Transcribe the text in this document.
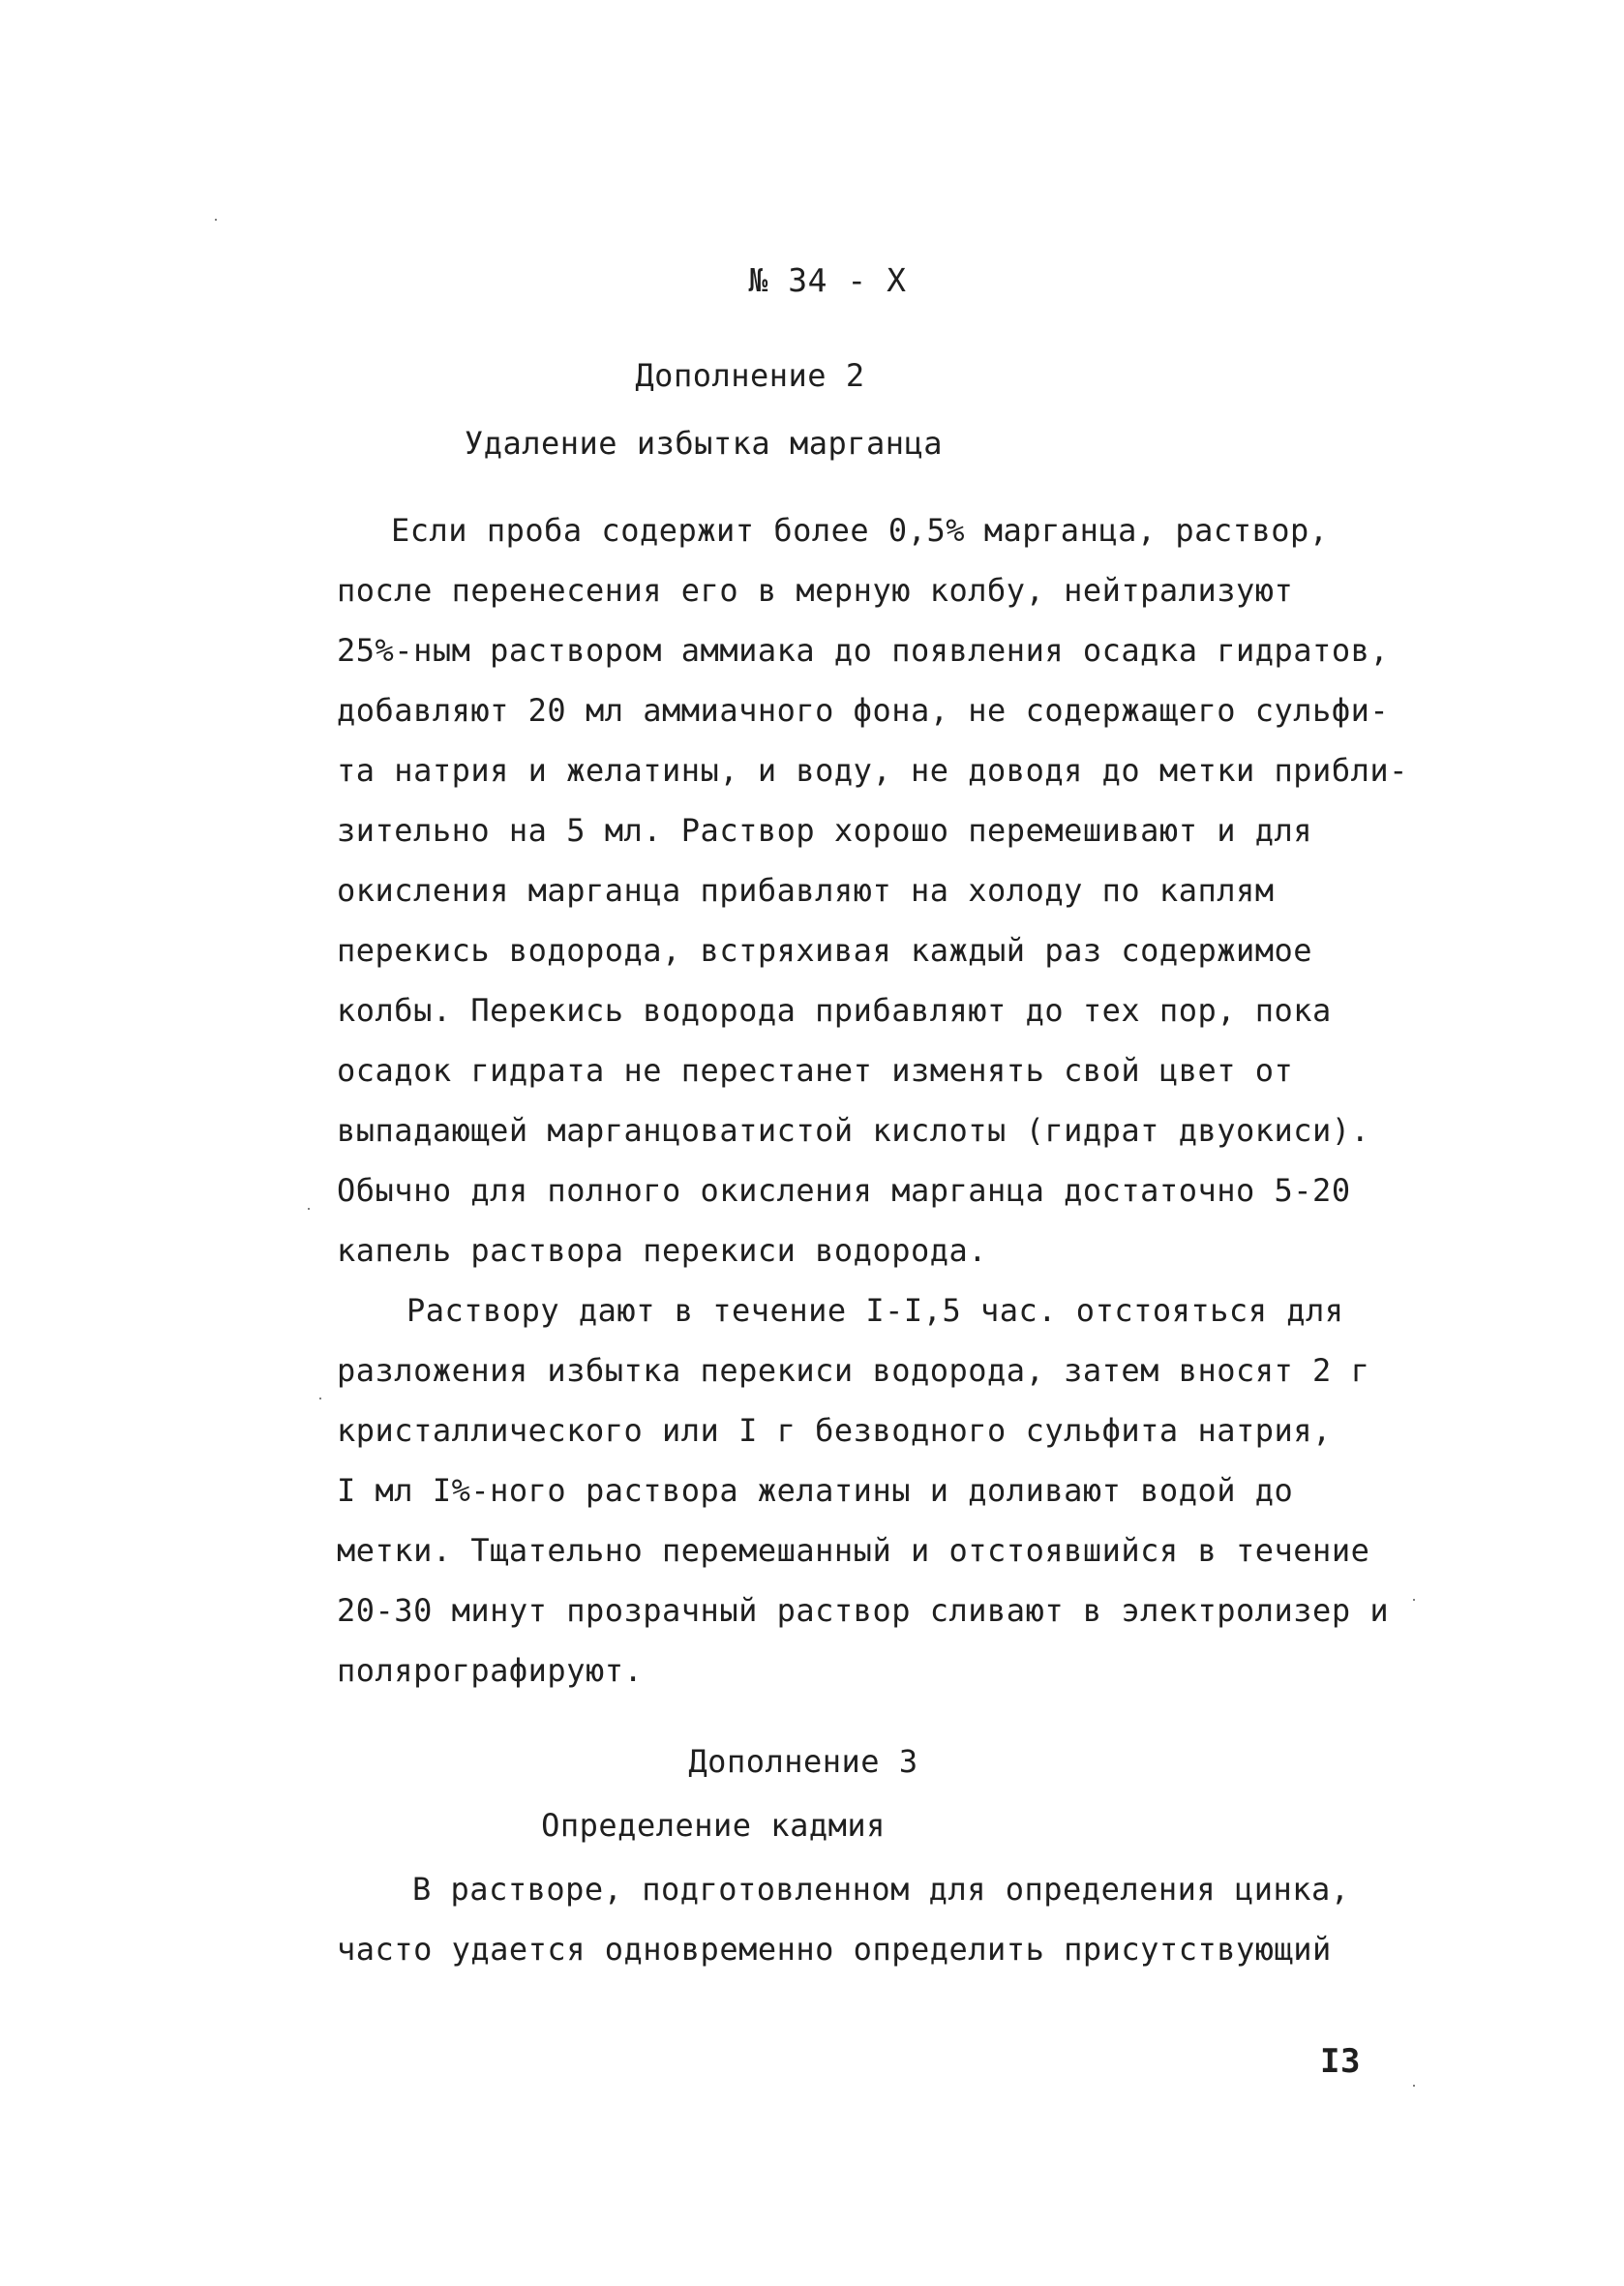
№ 34 - X
Дополнение 2
Удаление избытка марганца
Если проба содержит более 0,5% марганца, раствор,
после перенесения его в мерную колбу, нейтрализуют
25%-ным раствором аммиака до появления осадка гидратов,
добавляют 20 мл аммиачного фона, не содержащего сульфи-
та натрия и желатины, и воду, не доводя до метки прибли-
зительно на 5 мл. Раствор хорошо перемешивают и для
окисления марганца прибавляют на холоду по каплям
перекись водорода, встряхивая каждый раз содержимое
колбы. Перекись водорода прибавляют до тех пор, пока
осадок гидрата не перестанет изменять свой цвет от
выпадающей марганцоватистой кислоты (гидрат двуокиси).
Обычно для полного окисления марганца достаточно 5-20
капель раствора перекиси водорода.
Раствору дают в течение I-I,5 час. отстояться для
разложения избытка перекиси водорода, затем вносят 2 г
кристаллического или I г безводного сульфита натрия,
I мл I%-ного раствора желатины и доливают водой до
метки. Тщательно перемешанный и отстоявшийся в течение
20-30 минут прозрачный раствор сливают в электролизер и
полярографируют.
Дополнение 3
Определение кадмия
В растворе, подготовленном для определения цинка,
часто удается одновременно определить присутствующий
I3
